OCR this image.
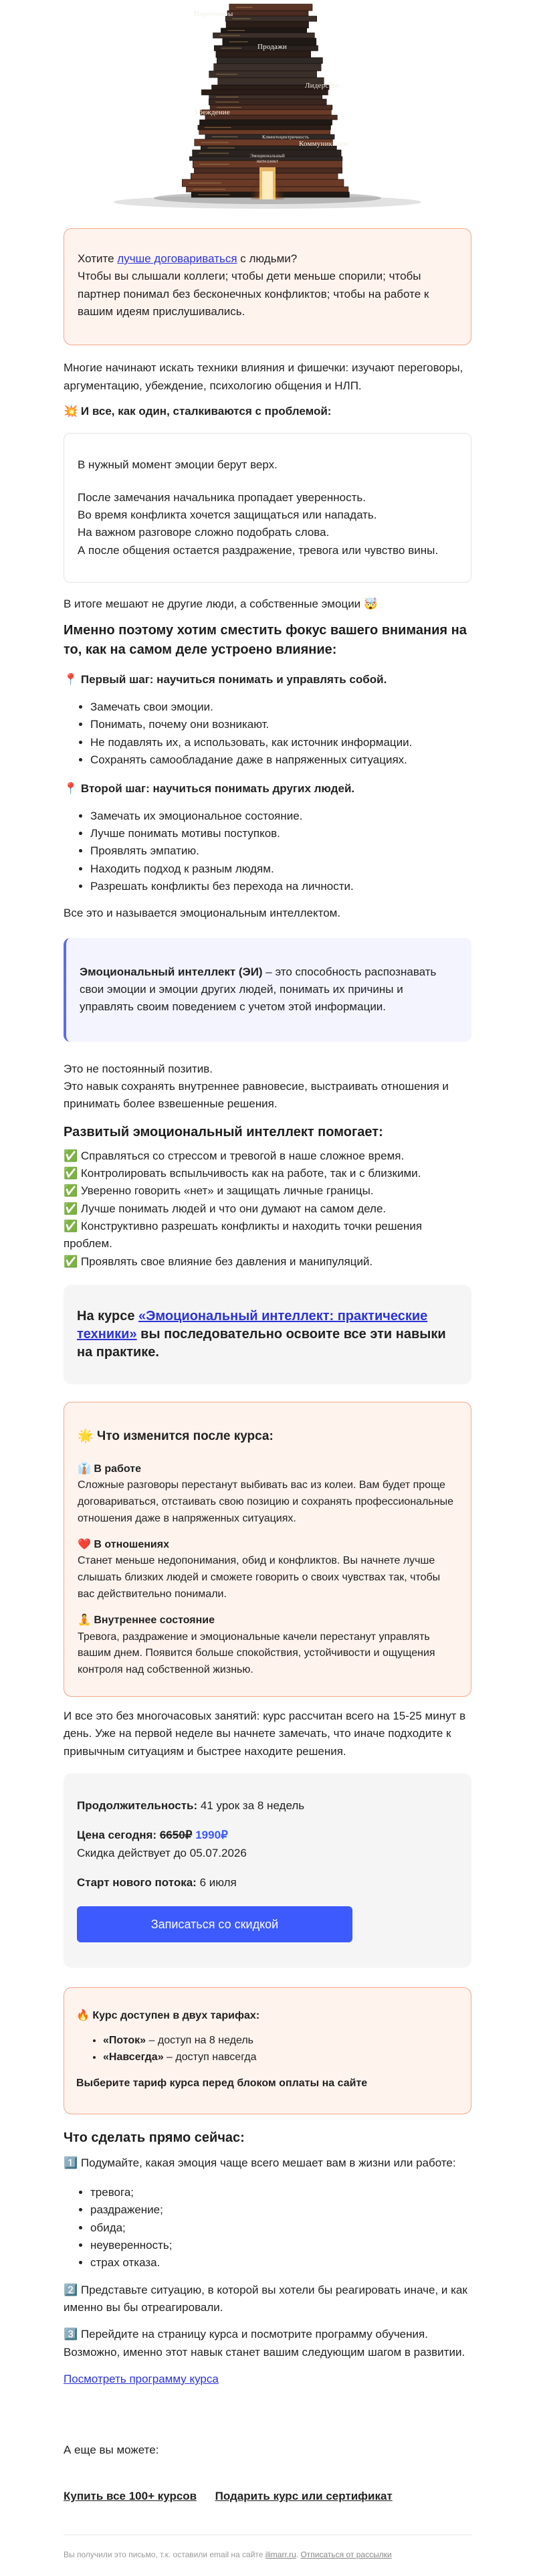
Переговоры
Продажи
Лидерство
Убеждение
Коммуникации
Клиентоцентричность
Эмоциональный интеллект

Хотите лучше договариваться с людьми?

Чтобы вы слышали коллеги; чтобы дети меньше спорили; чтобы партнер понимал без бесконечных конфликтов; чтобы на работе к вашим идеям прислушивались.

Многие начинают искать техники влияния и фишечки: изучают переговоры, аргументацию, убеждение, психологию общения и НЛП.

💥 И все, как один, сталкиваются с проблемой:

В нужный момент эмоции берут верх.

После замечания начальника пропадает уверенность.

Во время конфликта хочется защищаться или нападать.

На важном разговоре сложно подобрать слова.

А после общения остается раздражение, тревога или чувство вины.

В итоге мешают не другие люди, а собственные эмоции 🤯

Именно поэтому хотим сместить фокус вашего внимания на то, как на самом деле устроено влияние:

📍 Первый шаг: научиться понимать и управлять собой.

• Замечать свои эмоции.
• Понимать, почему они возникают.
• Не подавлять их, а использовать, как источник информации.
• Сохранять самообладание даже в напряженных ситуациях.

📍 Второй шаг: научиться понимать других людей.

• Замечать их эмоциональное состояние.
• Лучше понимать мотивы поступков.
• Проявлять эмпатию.
• Находить подход к разным людям.
• Разрешать конфликты без перехода на личности.

Все это и называется эмоциональным интеллектом.

Эмоциональный интеллект (ЭИ) – это способность распознавать свои эмоции и эмоции других людей, понимать их причины и управлять своим поведением с учетом этой информации.

Это не постоянный позитив.

Это навык сохранять внутреннее равновесие, выстраивать отношения и принимать более взвешенные решения.

Развитый эмоциональный интеллект помогает:

✅ Справляться со стрессом и тревогой в наше сложное время.

✅ Контролировать вспыльчивость как на работе, так и с близкими.

✅ Уверенно говорить «нет» и защищать личные границы.

✅ Лучше понимать людей и что они думают на самом деле.

✅ Конструктивно разрешать конфликты и находить точки решения проблем.

✅ Проявлять свое влияние без давления и манипуляций.

На курсе «Эмоциональный интеллект: практические техники» вы последовательно освоите все эти навыки на практике.

🌟 Что изменится после курса:

👔 В работе

Сложные разговоры перестанут выбивать вас из колеи. Вам будет проще договариваться, отстаивать свою позицию и сохранять профессиональные отношения даже в напряженных ситуациях.

❤️ В отношениях

Станет меньше недопонимания, обид и конфликтов. Вы начнете лучше слышать близких людей и сможете говорить о своих чувствах так, чтобы вас действительно понимали.

🧘 Внутреннее состояние

Тревога, раздражение и эмоциональные качели перестанут управлять вашим днем. Появится больше спокойствия, устойчивости и ощущения контроля над собственной жизнью.

И все это без многочасовых занятий: курс рассчитан всего на 15-25 минут в день. Уже на первой неделе вы начнете замечать, что иначе подходите к привычным ситуациям и быстрее находите решения.

Продолжительность: 41 урок за 8 недель

Цена сегодня: 6650₽ 1990₽

Скидка действует до 05.07.2026

Старт нового потока: 6 июля

Записаться со скидкой

🔥 Курс доступен в двух тарифах:

• «Поток» – доступ на 8 недель
• «Навсегда» – доступ навсегда

Выберите тариф курса перед блоком оплаты на сайте

Что сделать прямо сейчас:

1️⃣ Подумайте, какая эмоция чаще всего мешает вам в жизни или работе:

• тревога;
• раздражение;
• обида;
• неуверенность;
• страх отказа.

2️⃣ Представьте ситуацию, в которой вы хотели бы реагировать иначе, и как именно вы бы отреагировали.

3️⃣ Перейдите на страницу курса и посмотрите программу обучения. Возможно, именно этот навык станет вашим следующим шагом в развитии.

Посмотреть программу курса

А еще вы можете:

Купить все 100+ курсов Подарить курс или сертификат

Вы получили это письмо, т.к. оставили email на сайте ilimarr.ru. Отписаться от рассылки
